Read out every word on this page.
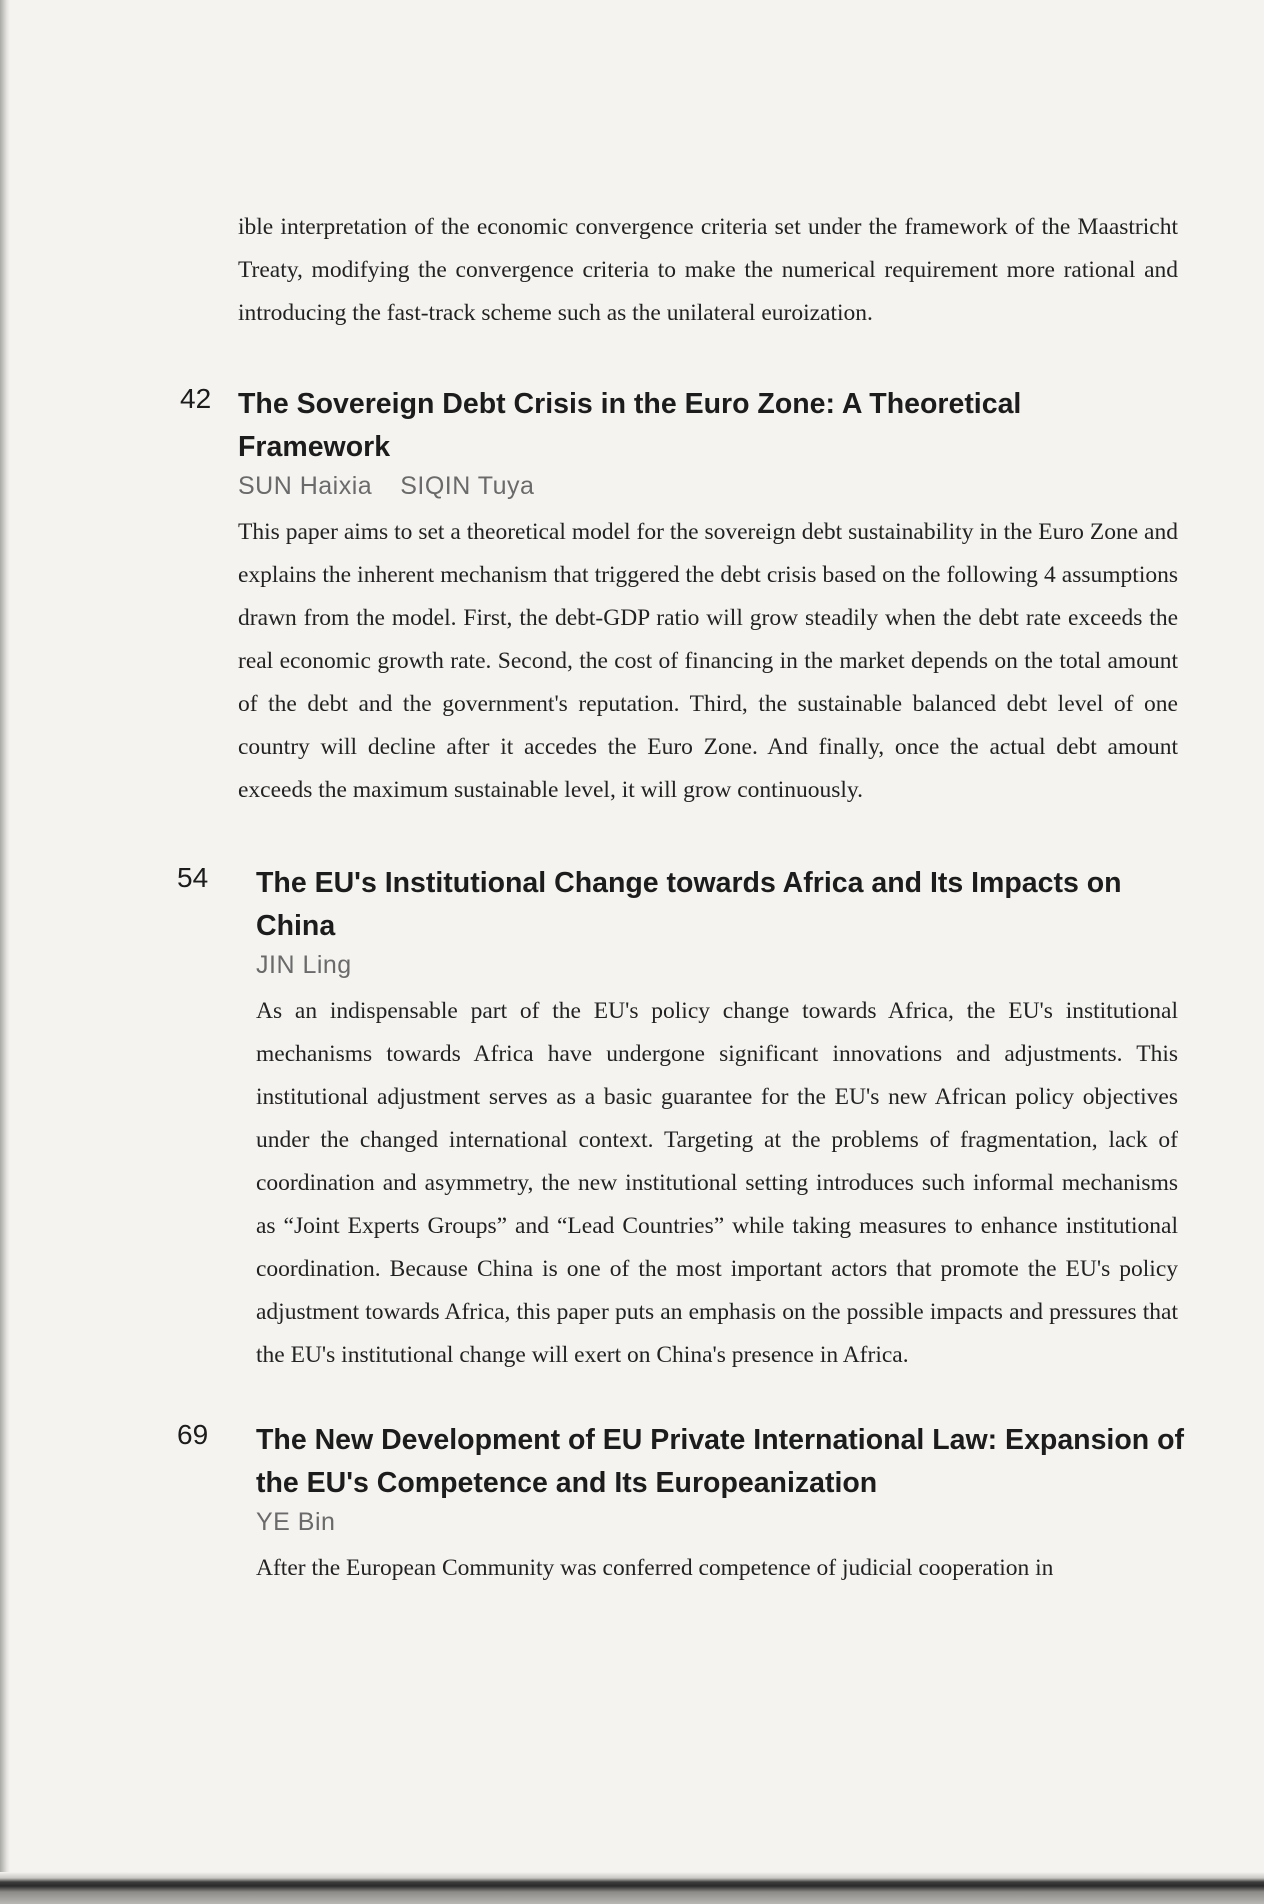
ible interpretation of the economic convergence criteria set under the framework of the Maastricht Treaty, modifying the convergence criteria to make the numerical requirement more rational and introducing the fast-track scheme such as the unilateral euroization.

42 The Sovereign Debt Crisis in the Euro Zone: A Theoretical Framework
SUN Haixia SIQIN Tuya

This paper aims to set a theoretical model for the sovereign debt sustainability in the Euro Zone and explains the inherent mechanism that triggered the debt crisis based on the following 4 assumptions drawn from the model. First, the debt-GDP ratio will grow steadily when the debt rate exceeds the real economic growth rate. Second, the cost of financing in the market depends on the total amount of the debt and the government's reputation. Third, the sustainable balanced debt level of one country will decline after it accedes the Euro Zone. And finally, once the actual debt amount exceeds the maximum sustainable level, it will grow continuously.

54 The EU's Institutional Change towards Africa and Its Impacts on China
JIN Ling

As an indispensable part of the EU's policy change towards Africa, the EU's institutional mechanisms towards Africa have undergone significant innovations and adjustments. This institutional adjustment serves as a basic guarantee for the EU's new African policy objectives under the changed international context. Targeting at the problems of fragmentation, lack of coordination and asymmetry, the new institutional setting introduces such informal mechanisms as “Joint Experts Groups” and “Lead Countries” while taking measures to enhance institutional coordination. Because China is one of the most important actors that promote the EU's policy adjustment towards Africa, this paper puts an emphasis on the possible impacts and pressures that the EU's institutional change will exert on China's presence in Africa.

69 The New Development of EU Private International Law: Expansion of the EU's Competence and Its Europeanization
YE Bin

After the European Community was conferred competence of judicial cooperation in
